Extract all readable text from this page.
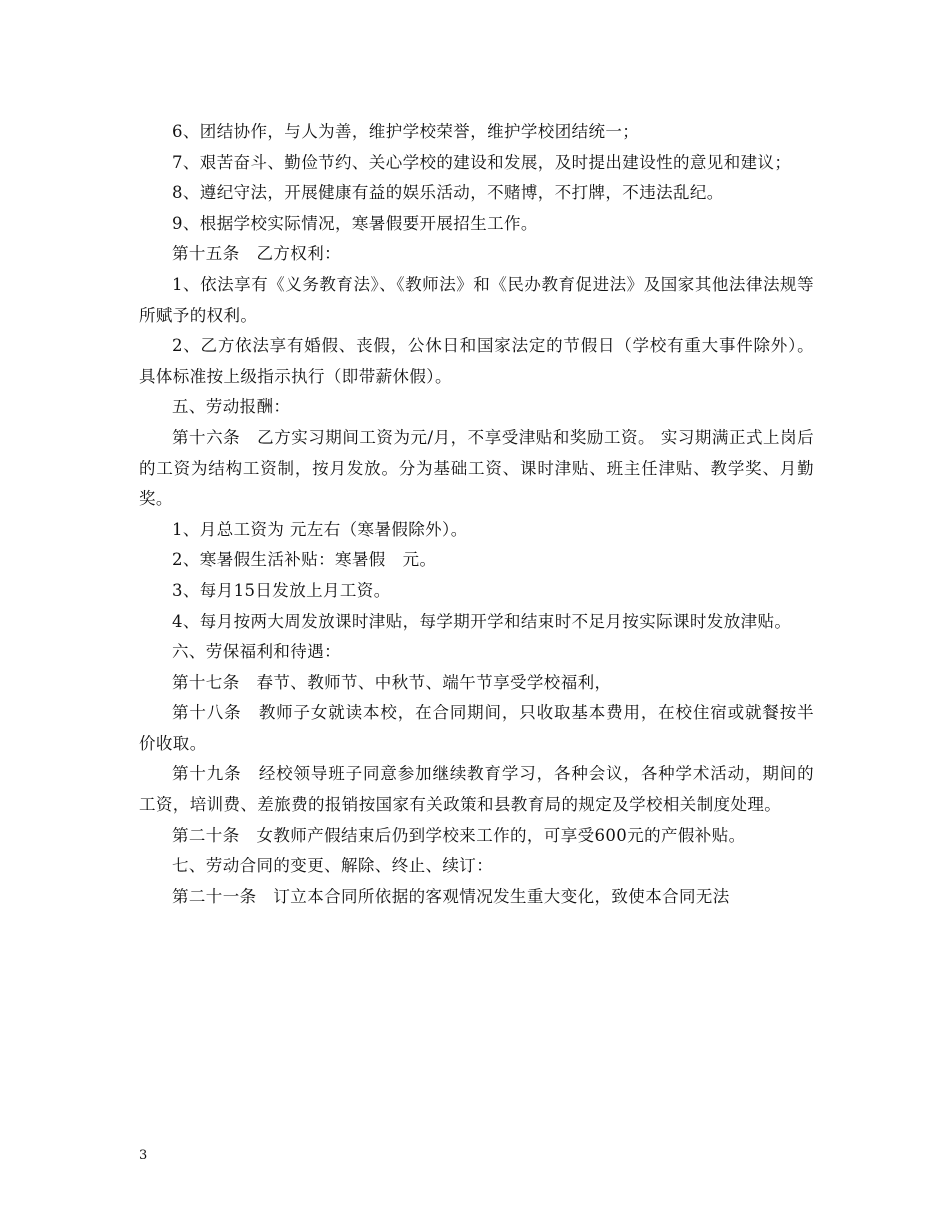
6、团结协作，与人为善，维护学校荣誉，维护学校团结统一；

7、艰苦奋斗、勤俭节约、关心学校的建设和发展，及时提出建设性的意见和建议；

8、遵纪守法，开展健康有益的娱乐活动，不赌博，不打牌，不违法乱纪。

9、根据学校实际情况，寒暑假要开展招生工作。

第十五条　乙方权利：

1、依法享有《义务教育法》、《教师法》和《民办教育促进法》及国家其他法律法规等所赋予的权利。

2、乙方依法享有婚假、丧假，公休日和国家法定的节假日（学校有重大事件除外）。具体标准按上级指示执行（即带薪休假）。

五、劳动报酬：

第十六条　乙方实习期间工资为元/月，不享受津贴和奖励工资。 实习期满正式上岗后的工资为结构工资制，按月发放。分为基础工资、课时津贴、班主任津贴、教学奖、月勤奖。

1、月总工资为 元左右（寒暑假除外）。

2、寒暑假生活补贴：寒暑假　元。

3、每月15日发放上月工资。

4、每月按两大周发放课时津贴，每学期开学和结束时不足月按实际课时发放津贴。

六、劳保福利和待遇：

第十七条　春节、教师节、中秋节、端午节享受学校福利，

第十八条　教师子女就读本校，在合同期间，只收取基本费用，在校住宿或就餐按半价收取。

第十九条　经校领导班子同意参加继续教育学习，各种会议，各种学术活动，期间的工资，培训费、差旅费的报销按国家有关政策和县教育局的规定及学校相关制度处理。

第二十条　女教师产假结束后仍到学校来工作的，可享受600元的产假补贴。

七、劳动合同的变更、解除、终止、续订：

第二十一条　订立本合同所依据的客观情况发生重大变化，致使本合同无法

3
